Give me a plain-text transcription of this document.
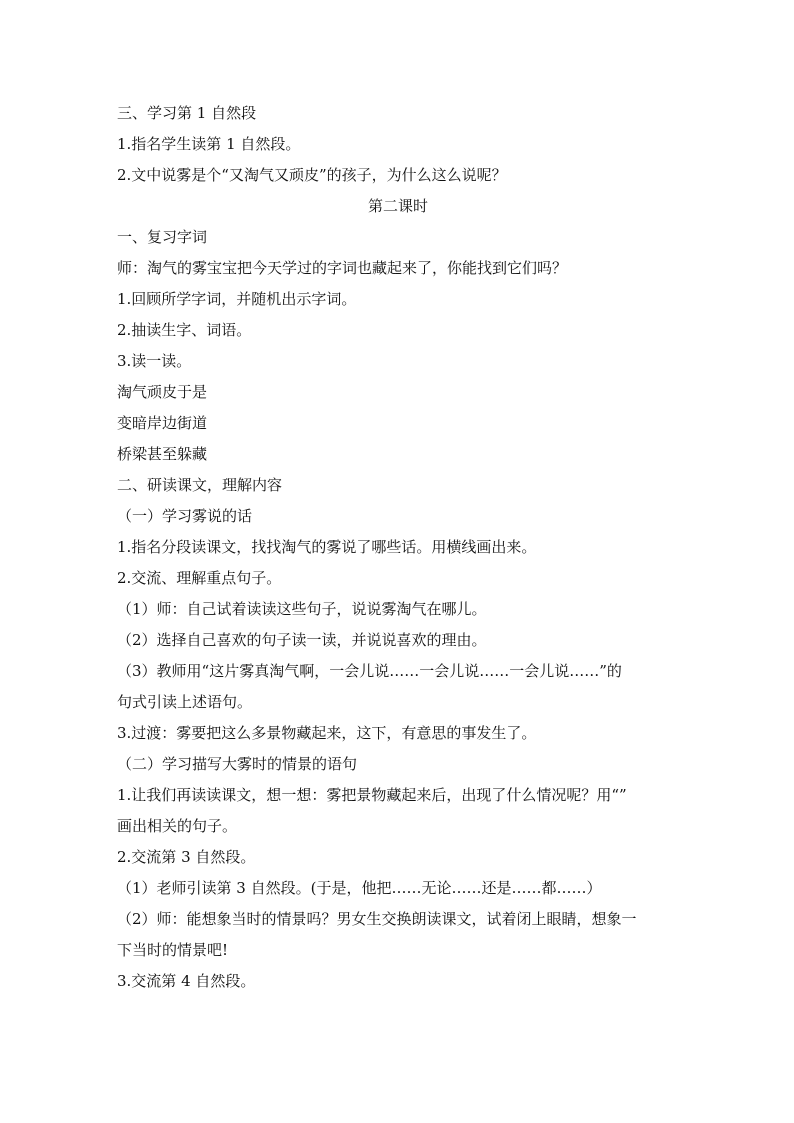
三、学习第 1 自然段
1.指名学生读第 1 自然段。
2.文中说雾是个“又淘气又顽皮”的孩子，为什么这么说呢？
第二课时
一、复习字词
师：淘气的雾宝宝把今天学过的字词也藏起来了，你能找到它们吗？
1.回顾所学字词，并随机出示字词。
2.抽读生字、词语。
3.读一读。
淘气顽皮于是
变暗岸边街道
桥梁甚至躲藏
二、研读课文，理解内容
（一）学习雾说的话
1.指名分段读课文，找找淘气的雾说了哪些话。用横线画出来。
2.交流、理解重点句子。
（1）师：自己试着读读这些句子，说说雾淘气在哪儿。
（2）选择自己喜欢的句子读一读，并说说喜欢的理由。
（3）教师用“这片雾真淘气啊，一会儿说……一会儿说……一会儿说……”的
句式引读上述语句。
3.过渡：雾要把这么多景物藏起来，这下，有意思的事发生了。
（二）学习描写大雾时的情景的语句
1.让我们再读读课文，想一想：雾把景物藏起来后，出现了什么情况呢？用“”
画出相关的句子。
2.交流第 3 自然段。
（1）老师引读第 3 自然段。(于是，他把……无论……还是……都……）
（2）师：能想象当时的情景吗？男女生交换朗读课文，试着闭上眼睛，想象一
下当时的情景吧!
3.交流第 4 自然段。
